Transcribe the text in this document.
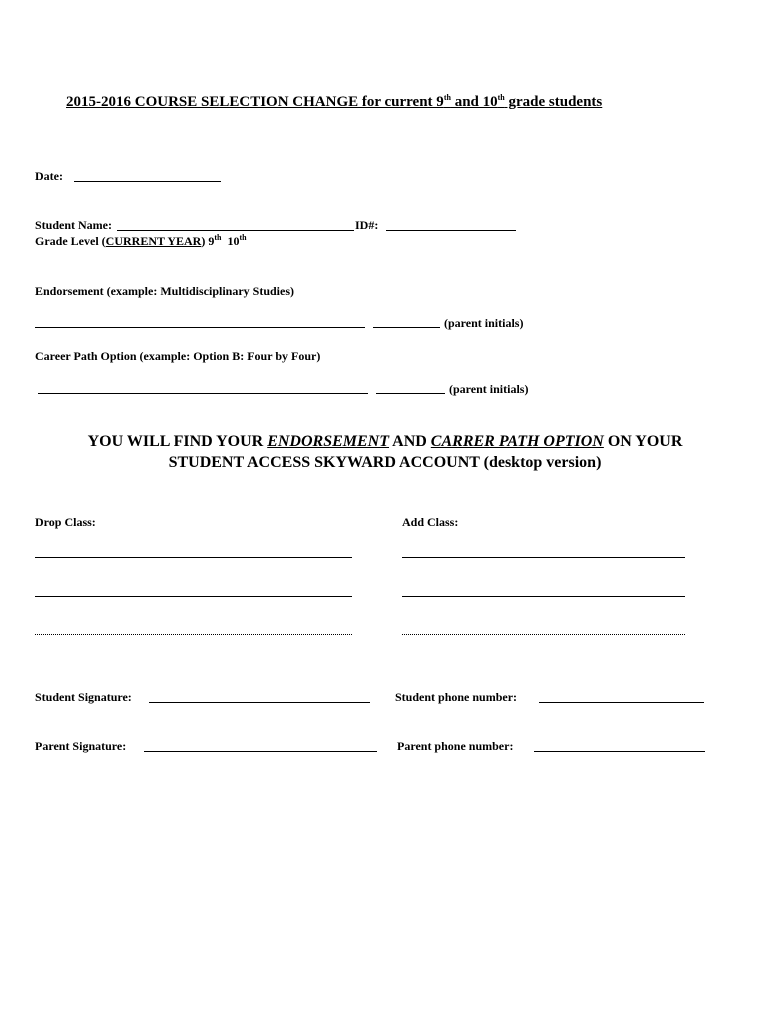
2015-2016 COURSE SELECTION CHANGE for current 9th and 10th grade students
Date:
Student Name:	ID#:
Grade Level (CURRENT YEAR) 9th 10th
Endorsement (example: Multidisciplinary Studies)
(parent initials)
Career Path Option (example: Option B: Four by Four)
(parent initials)
YOU WILL FIND YOUR ENDORSEMENT AND CARRER PATH OPTION ON YOUR
STUDENT ACCESS SKYWARD ACCOUNT (desktop version)
Drop Class:	Add Class:
Student Signature:	Student phone number:
Parent Signature:	Parent phone number:
